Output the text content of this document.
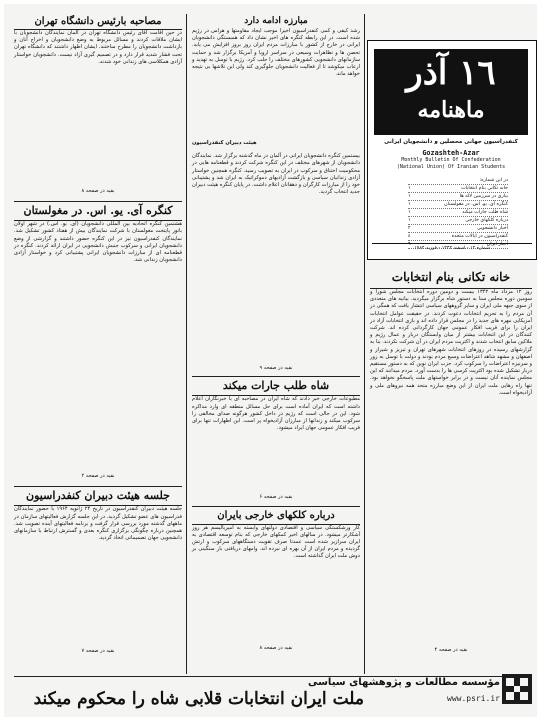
مصاحبه بارئیس دانشگاه تهران

در حین اقامت آقای رئیس دانشگاه تهران در آلمان نمایندگان دانشجویان با ایشان ملاقات کردند و مسائل مربوط به وضع دانشجویان و اخراج آنان و بازداشت دانشجویان را مطرح ساختند. ایشان اظهار داشتند که دانشگاه تهران تحت فشار شدید قرار دارد و در تصمیم گیری آزاد نیست. دانشجویان خواستار آزادی همکلاسی های زندانی خود شدند.

بقیه در صفحه ۸
کنگره آی. یو. اس. در مغولستان

هشتمین کنگره اتحادیه بین المللی دانشجویان (آی. یو. اس.) در شهر اولان باتور پایتخت مغولستان با شرکت نمایندگان بیش از هفتاد کشور تشکیل شد. نمایندگان کنفدراسیون نیز در این کنگره حضور داشتند و گزارشی از وضع دانشجویان ایرانی و سرکوب جنبش دانشجویی در ایران ارائه کردند. کنگره در قطعنامه ای از مبارزات دانشجویان ایرانی پشتیبانی کرد و خواستار آزادی دانشجویان زندانی شد.

بقیه در صفحه ۲
جلسه هیئت دبیران کنفدراسیون

جلسه هیئت دبیران کنفدراسیون در تاریخ ۲۴ ژانویه ۱۹۶۴ با حضور نمایندگان فدراسیون های عضو تشکیل گردید. در این جلسه گزارش فعالیتهای سازمان در ماههای گذشته مورد بررسی قرار گرفت و برنامه فعالیتهای آینده تصویب شد. همچنین درباره چگونگی برگزاری کنگره بعدی و گسترش ارتباط با سازمانهای دانشجویی جهان تصمیماتی اتخاذ گردید.

بقیه در صفحه ۷
مبارزه ادامه دارد

رشد کیفی و کمی کنفدراسیون اخیرا موجب ایجاد مقاومتها و هراس در رژیم شده است. در این رابطه کنگره های اخیر نشان داد که همبستگی دانشجویان ایرانی در خارج از کشور با مبارزات مردم ایران روز بروز افزایش می یابد. تحصن ها و تظاهرات وسیعی در سراسر اروپا و آمریکا برگزار شد و حمایت سازمانهای دانشجویی کشورهای مختلف را جلب کرد. رژیم با توسل به تهدید و ارعاب میکوشد تا از فعالیت دانشجویان جلوگیری کند ولی این تلاشها بی نتیجه خواهد ماند.

هیئت دبیران کنفدراسیون

بیستمین کنگره دانشجویان ایرانی در آلمان در ماه گذشته برگزار شد. نمایندگان دانشجویان از شهرهای مختلف در این کنگره شرکت کردند و قطعنامه هایی در محکومیت اختناق و سرکوب در ایران به تصویب رسید. کنگره همچنین خواستار آزادی زندانیان سیاسی و بازگشت آزادیهای دموکراتیک به ایران شد و پشتیبانی خود را از مبارزات کارگران و دهقانان اعلام داشت. در پایان کنگره هیئت دبیران جدید انتخاب گردید.

بقیه در صفحه ۹
شاه طلب جارات میکند

مطبوعات خارجی خبر دادند که شاه ایران در مصاحبه ای با خبرنگاران اعلام داشته است که ایران آماده است برای حل مسائل منطقه ای وارد مذاکره شود. این در حالی است که رژیم در داخل کشور هرگونه صدای مخالفی را سرکوب میکند و زندانها از مبارزان آزادیخواه پر است. این اظهارات تنها برای فریب افکار عمومی جهان ایراد میشود.

بقیه در صفحه ۶
درباره کلکهای خارجی بایران

کار ورشکستگی سیاسی و اقتصادی دولتهای وابسته به امپریالیسم هر روز آشکارتر میشود. در سالهای اخیر کمکهای خارجی که بنام توسعه اقتصادی به ایران سرازیر شده است عمدتا صرف تقویت دستگاههای سرکوب و ارتش گردیده و مردم ایران از آن بهره ای نبرده اند. وامهای دریافتی بار سنگینی بر دوش ملت ایران گذاشته است.

بقیه در صفحه ۸
١٦ آذر
ماهنامه
کنفدراسیون جهانی محصلین و دانشجویان ایرانی
Gozashteh-Azar
Monthly Bulletin Of Confederation
(National Union) Of Iranian Students
در این شماره:
خانه تکانی بنام انتخابات
١
بیاری در سرزمین لاله ها
١
کنگره آی. یو. اس. در مغولستان
١
شاه طلب جارات میکند
١
درباره کلکهای خارجی
١
اخبار دانشجویی
٢
کنفدراسیون در ایالات متحده
٤
اخبار ایران
٦
شماره ۱۲ - اسفند ۱۳۴۲ - فوریه ۱۹۶۴
خانه تکانی بنام انتخابات

روز ۱۲ مرداد ماه ۱۳۴۲ بیست و دومین دوره انتخابات مجلس شورا و سومین دوره مجلس سنا به دستور شاه برگزار میگردید. بیانیه های متعددی از سوی جبهه ملی ایران و سایر گروههای سیاسی انتشار یافت که همگی در آن مردم را به تحریم انتخابات دعوت کردند. در حقیقت عوامل انتخابات آمریکایی مهره های جدید را در مجلس قرار داده اند و بازی انتخابات آزاد در ایران را برای فریب افکار عمومی جهان کارگردانی کرده اند. شرکت کنندگان در این انتخابات بیشتر از میان وابستگان دربار و عمال رژیم و ملاکین سابق انتخاب شدند و اکثریت مردم ایران در آن شرکت نکردند. بنا به گزارشهای رسیده در روزهای انتخابات شهرهای تهران و تبریز و شیراز و اصفهان و مشهد شاهد اعتراضات وسیع مردم بودند و دولت با توسل به زور و سرنیزه اعتراضات را سرکوب کرد. حزب ایران نوین که به دستور مستقیم دربار تشکیل شده بود اکثریت کرسی ها را بدست آورد. مردم میدانند که این مجلس نماینده آنان نیست و در برابر خواستهای ملت پاسخگو نخواهد بود. تنها راه رهایی ملت ایران از این وضع مبارزه متحد همه نیروهای ملی و آزادیخواه است.

بقیه در صفحه ۴
ملت ایران انتخابات قلابی شاه را محکوم میکند
مؤسسه مطالعات و پژوهشهای سیاسی
www.psri.ir
